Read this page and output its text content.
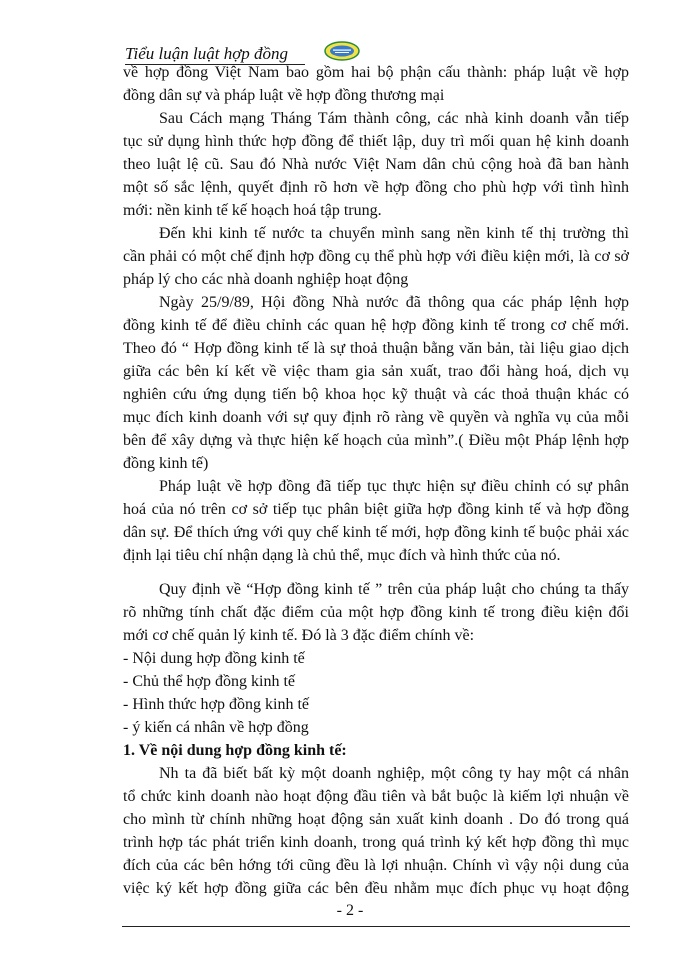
Tiểu luận luật hợp đồng
về hợp đồng Việt Nam bao gồm hai bộ phận cấu thành: pháp luật về hợp
đồng dân sự và pháp luật về hợp đồng thương mại
Sau Cách mạng Tháng Tám thành công, các nhà kinh doanh vẫn tiếp
tục sử dụng hình thức hợp đồng để thiết lập, duy trì mối quan hệ kinh doanh
theo luật lệ cũ. Sau đó Nhà nước Việt Nam dân chủ cộng hoà đã ban hành
một số sắc lệnh, quyết định rõ hơn về hợp đồng cho phù hợp với tình hình
mới: nền kinh tế kế hoạch hoá tập trung.
Đến khi kinh tế nước ta chuyển mình sang nền kinh tế thị trường thì
cần phải có một chế định hợp đồng cụ thể phù hợp với điều kiện mới, là cơ sở
pháp lý cho các nhà doanh nghiệp hoạt động
Ngày 25/9/89, Hội đồng Nhà nước đã thông qua các pháp lệnh hợp
đồng kinh tế để điều chỉnh các quan hệ hợp đồng kinh tế trong cơ chế mới.
Theo đó “ Hợp đồng kinh tế là sự thoả thuận bằng văn bản, tài liệu giao dịch
giữa các bên kí kết về việc tham gia sản xuất, trao đổi hàng hoá, dịch vụ
nghiên cứu ứng dụng tiến bộ khoa học kỹ thuật và các thoả thuận khác có
mục đích kinh doanh với sự quy định rõ ràng về quyền và nghĩa vụ của mỗi
bên để xây dựng và thực hiện kế hoạch của mình”.( Điều một Pháp lệnh hợp
đồng kinh tế)
Pháp luật về hợp đồng đã tiếp tục thực hiện sự điều chỉnh có sự phân
hoá của nó trên cơ sở tiếp tục phân biệt giữa hợp đồng kinh tế và hợp đồng
dân sự. Để thích ứng với quy chế kinh tế mới, hợp đồng kinh tế buộc phải xác
định lại tiêu chí nhận dạng là chủ thể, mục đích và hình thức của nó.
Quy định về “Hợp đồng kinh tế ” trên của pháp luật cho chúng ta thấy
rõ những tính chất đặc điểm của một hợp đồng kinh tế trong điều kiện đổi
mới cơ chế quản lý kinh tế. Đó là 3 đặc điểm chính về:
- Nội dung hợp đồng kinh tế
- Chủ thể hợp đồng kinh tế
- Hình thức hợp đồng kinh tế
- ý kiến cá nhân về hợp đồng
1. Về nội dung hợp đồng kinh tế:
Nh ta đã biết bất kỳ một doanh nghiệp, một công ty hay một cá nhân
tổ chức kinh doanh nào hoạt động đầu tiên và bắt buộc là kiếm lợi nhuận về
cho mình từ chính những hoạt động sản xuất kinh doanh . Do đó trong quá
trình hợp tác phát triển kinh doanh, trong quá trình ký kết hợp đồng thì mục
đích của các bên hớng tới cũng đều là lợi nhuận. Chính vì vậy nội dung của
việc ký kết hợp đồng giữa các bên đều nhằm mục đích phục vụ hoạt động
- 2 -
